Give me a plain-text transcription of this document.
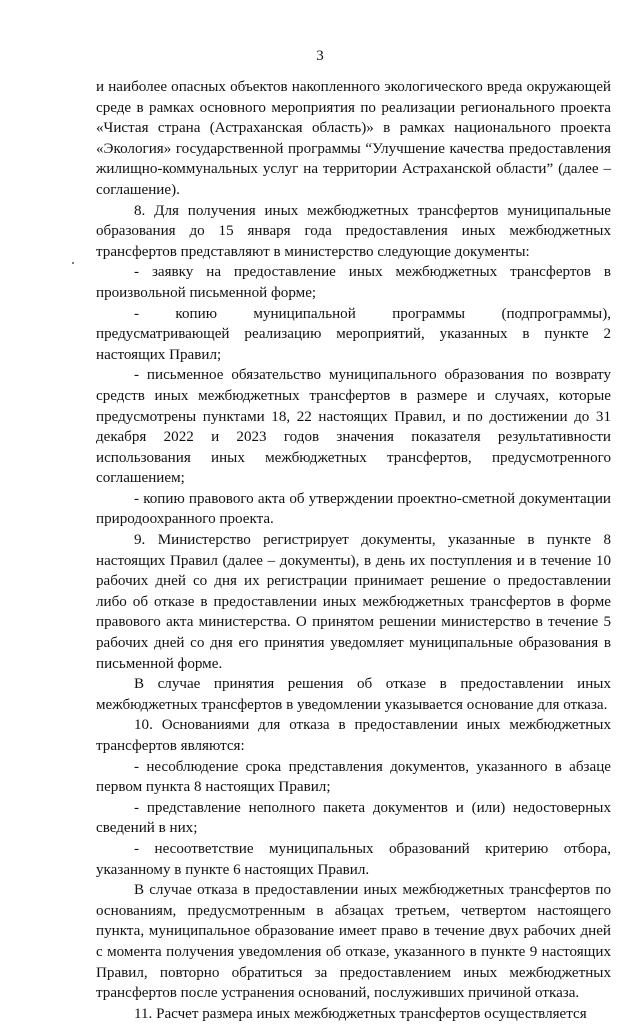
3

и наиболее опасных объектов накопленного экологического вреда окружающей среде в рамках основного мероприятия по реализации регионального проекта «Чистая страна (Астраханская область)» в рамках национального проекта «Экология» государственной программы “Улучшение качества предоставления жилищно-коммунальных услуг на территории Астраханской области” (далее – соглашение).

8. Для получения иных межбюджетных трансфертов муниципальные образования до 15 января года предоставления иных межбюджетных трансфертов представляют в министерство следующие документы:

- заявку на предоставление иных межбюджетных трансфертов в произвольной письменной форме;

- копию муниципальной программы (подпрограммы), предусматривающей реализацию мероприятий, указанных в пункте 2 настоящих Правил;

- письменное обязательство муниципального образования по возврату средств иных межбюджетных трансфертов в размере и случаях, которые предусмотрены пунктами 18, 22 настоящих Правил, и по достижении до 31 декабря 2022 и 2023 годов значения показателя результативности использования иных межбюджетных трансфертов, предусмотренного соглашением;

- копию правового акта об утверждении проектно-сметной документации природоохранного проекта.

9. Министерство регистрирует документы, указанные в пункте 8 настоящих Правил (далее – документы), в день их поступления и в течение 10 рабочих дней со дня их регистрации принимает решение о предоставлении либо об отказе в предоставлении иных межбюджетных трансфертов в форме правового акта министерства. О принятом решении министерство в течение 5 рабочих дней со дня его принятия уведомляет муниципальные образования в письменной форме.

В случае принятия решения об отказе в предоставлении иных межбюджетных трансфертов в уведомлении указывается основание для отказа.

10. Основаниями для отказа в предоставлении иных межбюджетных трансфертов являются:

- несоблюдение срока представления документов, указанного в абзаце первом пункта 8 настоящих Правил;

- представление неполного пакета документов и (или) недостоверных сведений в них;

- несоответствие муниципальных образований критерию отбора, указанному в пункте 6 настоящих Правил.

В случае отказа в предоставлении иных межбюджетных трансфертов по основаниям, предусмотренным в абзацах третьем, четвертом настоящего пункта, муниципальное образование имеет право в течение двух рабочих дней с момента получения уведомления об отказе, указанного в пункте 9 настоящих Правил, повторно обратиться за предоставлением иных межбюджетных трансфертов после устранения оснований, послуживших причиной отказа.

11. Расчет размера иных межбюджетных трансфертов осуществляется
